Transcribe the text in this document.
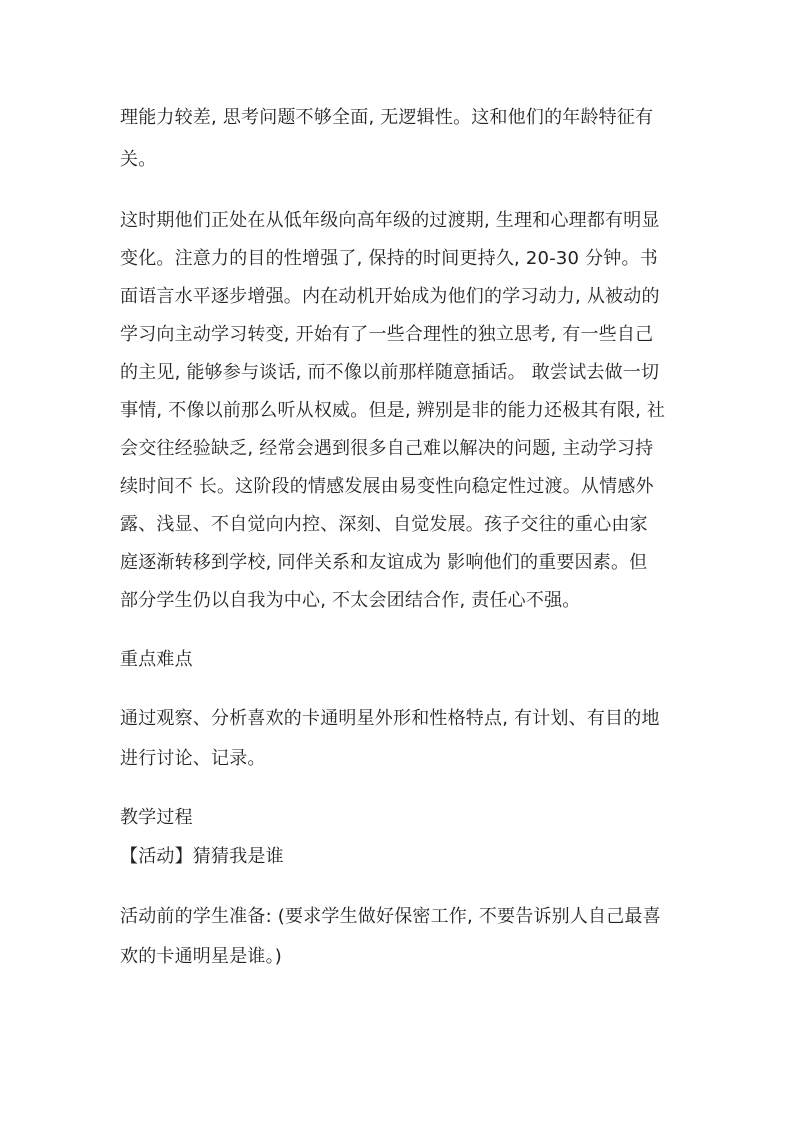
理能力较差, 思考问题不够全面, 无逻辑性。这和他们的年龄特征有
关。
这时期他们正处在从低年级向高年级的过渡期, 生理和心理都有明显
变化。注意力的目的性增强了, 保持的时间更持久, 20-30 分钟。书
面语言水平逐步增强。内在动机开始成为他们的学习动力, 从被动的
学习向主动学习转变, 开始有了一些合理性的独立思考, 有一些自己
的主见, 能够参与谈话, 而不像以前那样随意插话。 敢尝试去做一切
事情, 不像以前那么听从权威。但是, 辨别是非的能力还极其有限, 社
会交往经验缺乏, 经常会遇到很多自己难以解决的问题, 主动学习持
续时间不 长。这阶段的情感发展由易变性向稳定性过渡。从情感外
露、浅显、不自觉向内控、深刻、自觉发展。孩子交往的重心由家
庭逐渐转移到学校, 同伴关系和友谊成为 影响他们的重要因素。但
部分学生仍以自我为中心, 不太会团结合作, 责任心不强。
重点难点
通过观察、分析喜欢的卡通明星外形和性格特点, 有计划、有目的地
进行讨论、记录。
教学过程
【活动】猜猜我是谁
活动前的学生准备: (要求学生做好保密工作, 不要告诉别人自己最喜
欢的卡通明星是谁。)
